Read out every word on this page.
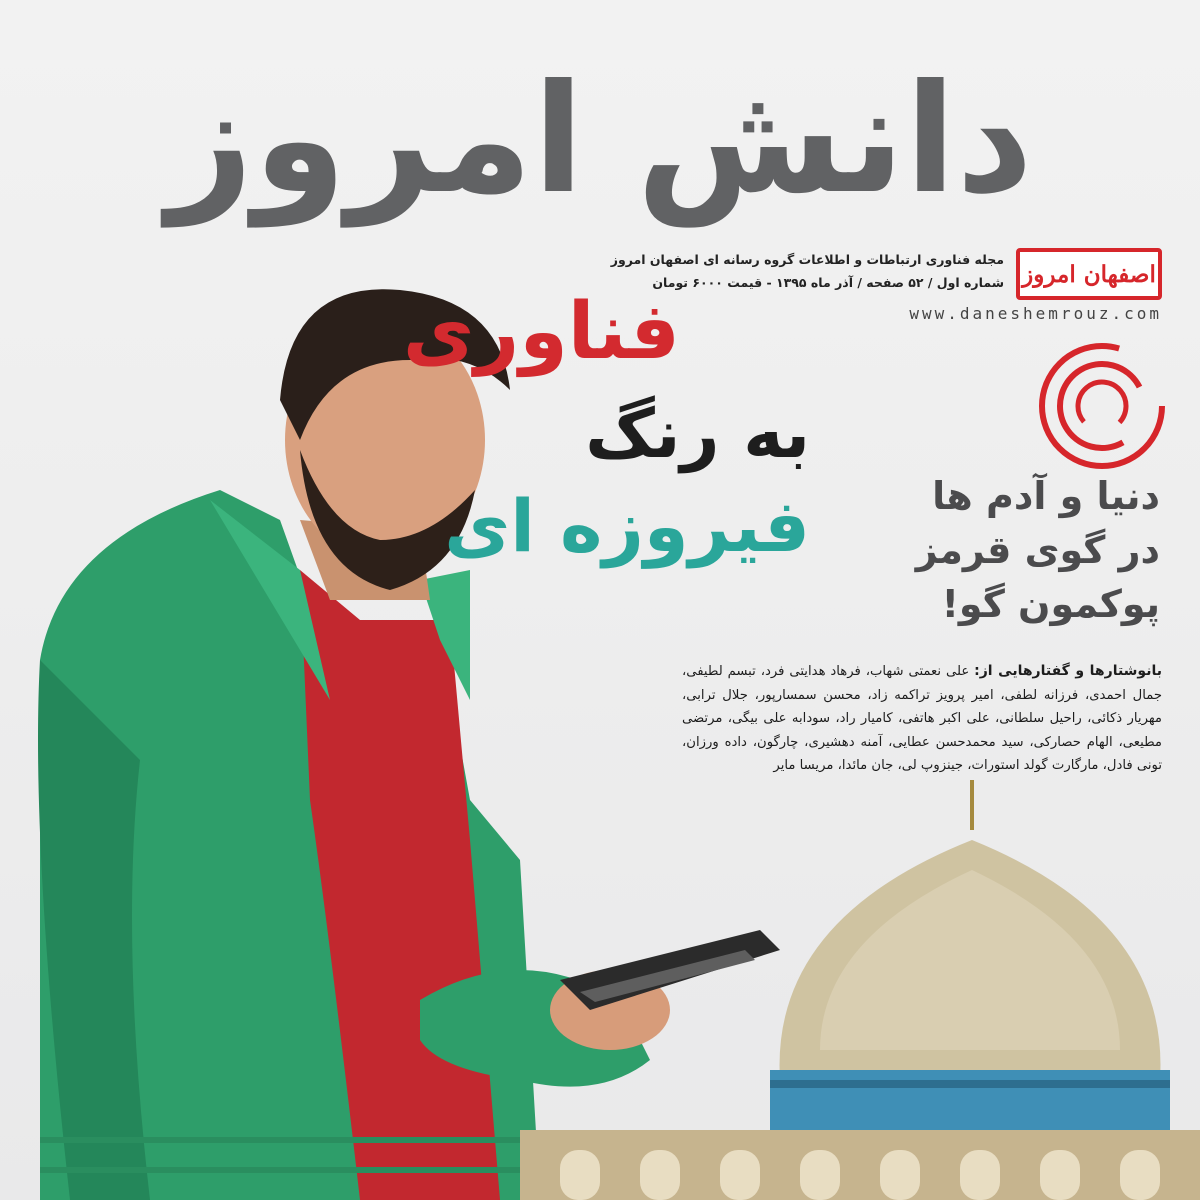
دانش امروز
اصفهان امروز
مجله فناوری ارتباطات و اطلاعات گروه رسانه ای اصفهان امروز
شماره اول / ۵۲ صفحه / آذر ماه ۱۳۹۵ - قیمت ۶۰۰۰ تومان
www.daneshemrouz.com
فناوری
به رنگ
فیروزه ای	دنیا و آدم ها
در گوی قرمز
پوکمون گو!
بانوشتارها و گفتارهایی از: علی نعمتی شهاب، فرهاد هدایتی فرد، تبسم لطیفی، جمال احمدی، فرزانه لطفی، امیر پرویز تراکمه زاد، محسن سمسارپور، جلال ترابی، مهریار ذکائی، راحیل سلطانی، علی اکبر هاتفی، کامیار راد، سودابه علی بیگی، مرتضی مطیعی، الهام حصارکی، سید محمدحسن عطایی، آمنه دهشیری، چارگون، داده ورزان، تونی فادل، مارگارت گولد استورات، جینزوپ لی، جان مائدا، مریسا مایر
